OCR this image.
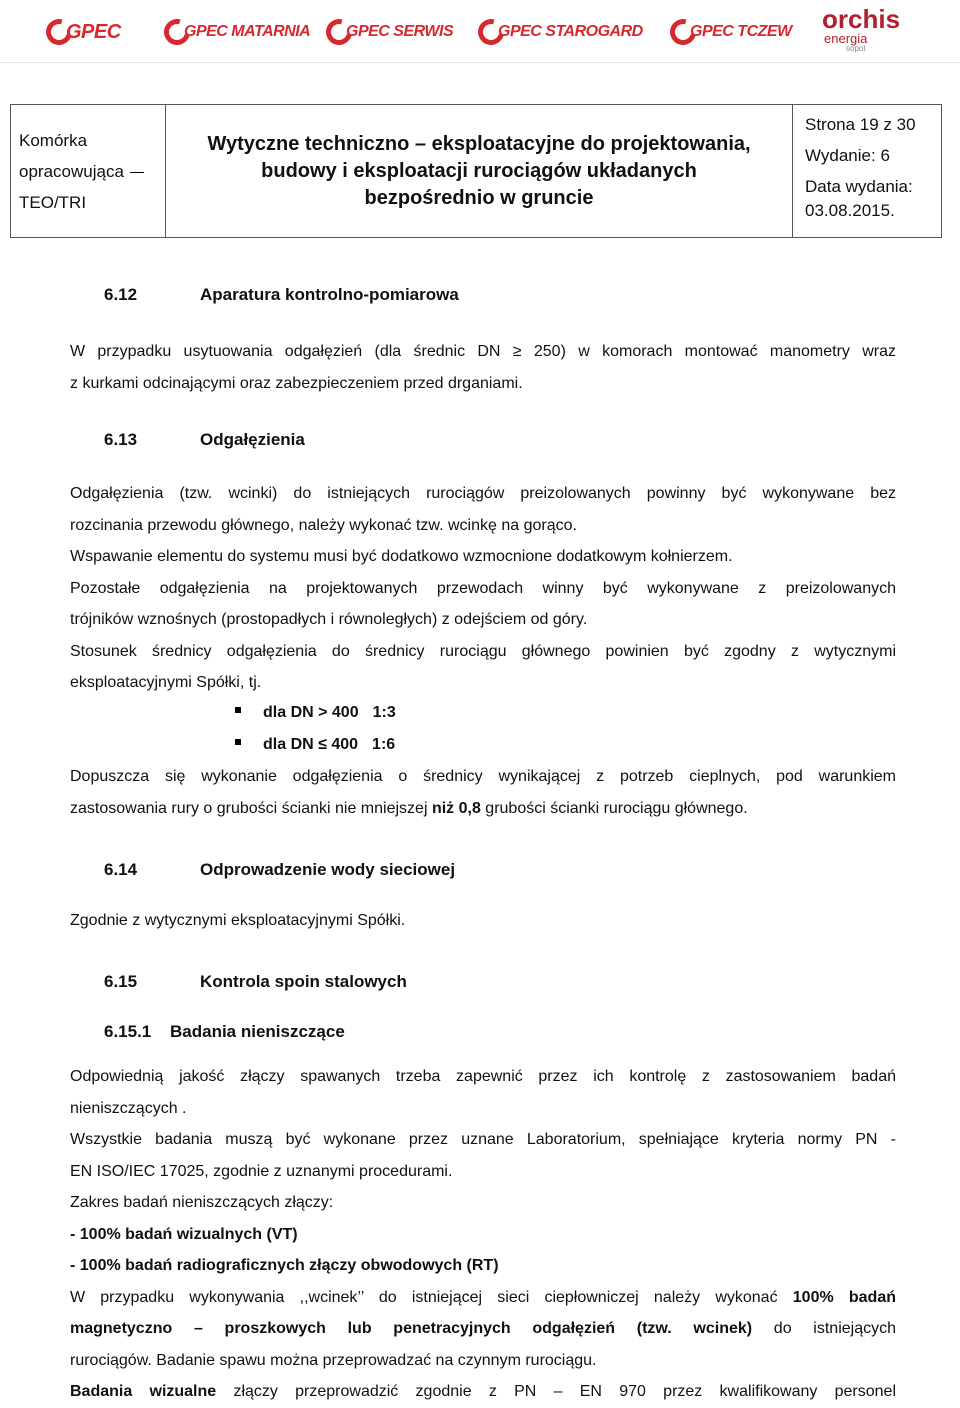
GPEC	GPEC MATARNIA GPEC SERWIS	GPEC STAROGARD	GPEC TCZEW orchis
energia
sopot
Komórka
opracowująca
TEO/TRI

Wytyczne techniczno – eksploatacyjne do projektowania,
budowy i eksploatacji rurociągów układanych
bezpośrednio w gruncie

Strona 19 z 30
Wydanie: 6
Data wydania:
03.08.2015.
6.12	Aparatura kontrolno-pomiarowa
W przypadku usytuowania odgałęzień (dla średnic DN ≥ 250) w komorach montować manometry wraz
z kurkami odcinającymi oraz zabezpieczeniem przed drganiami.
6.13	Odgałęzienia
Odgałęzienia (tzw. wcinki) do istniejących rurociągów preizolowanych powinny być wykonywane bez
rozcinania przewodu głównego, należy wykonać tzw. wcinkę na gorąco.
Wspawanie elementu do systemu musi być dodatkowo wzmocnione dodatkowym kołnierzem.
Pozostałe odgałęzienia na projektowanych przewodach winny być wykonywane z preizolowanych
trójników wznośnych (prostopadłych i równoległych) z odejściem od góry.
Stosunek średnicy odgałęzienia do średnicy rurociągu głównego powinien być zgodny z wytycznymi
eksploatacyjnymi Spółki, tj.
dla DN > 400 1:3
dla DN ≤ 400 1:6
Dopuszcza się wykonanie odgałęzienia o średnicy wynikającej z potrzeb cieplnych, pod warunkiem
zastosowania rury o grubości ścianki nie mniejszej niż 0,8 grubości ścianki rurociągu głównego.
6.14	Odprowadzenie wody sieciowej
Zgodnie z wytycznymi eksploatacyjnymi Spółki.
6.15	Kontrola spoin stalowych
6.15.1 Badania nieniszczące
Odpowiednią jakość złączy spawanych trzeba zapewnić przez ich kontrolę z zastosowaniem badań
nieniszczących .
Wszystkie badania muszą być wykonane przez uznane Laboratorium, spełniające kryteria normy PN -
EN ISO/IEC 17025, zgodnie z uznanymi procedurami.
Zakres badań nieniszczących złączy:
- 100% badań wizualnych (VT)
- 100% badań radiograficznych złączy obwodowych (RT)
W przypadku wykonywania ,,wcinek’’ do istniejącej sieci ciepłowniczej należy wykonać 100% badań
magnetyczno – proszkowych lub penetracyjnych odgałęzień (tzw. wcinek) do istniejących
rurociągów. Badanie spawu można przeprowadzać na czynnym rurociągu.
Badania wizualne złączy przeprowadzić zgodnie z PN – EN 970 przez kwalifikowany personel
